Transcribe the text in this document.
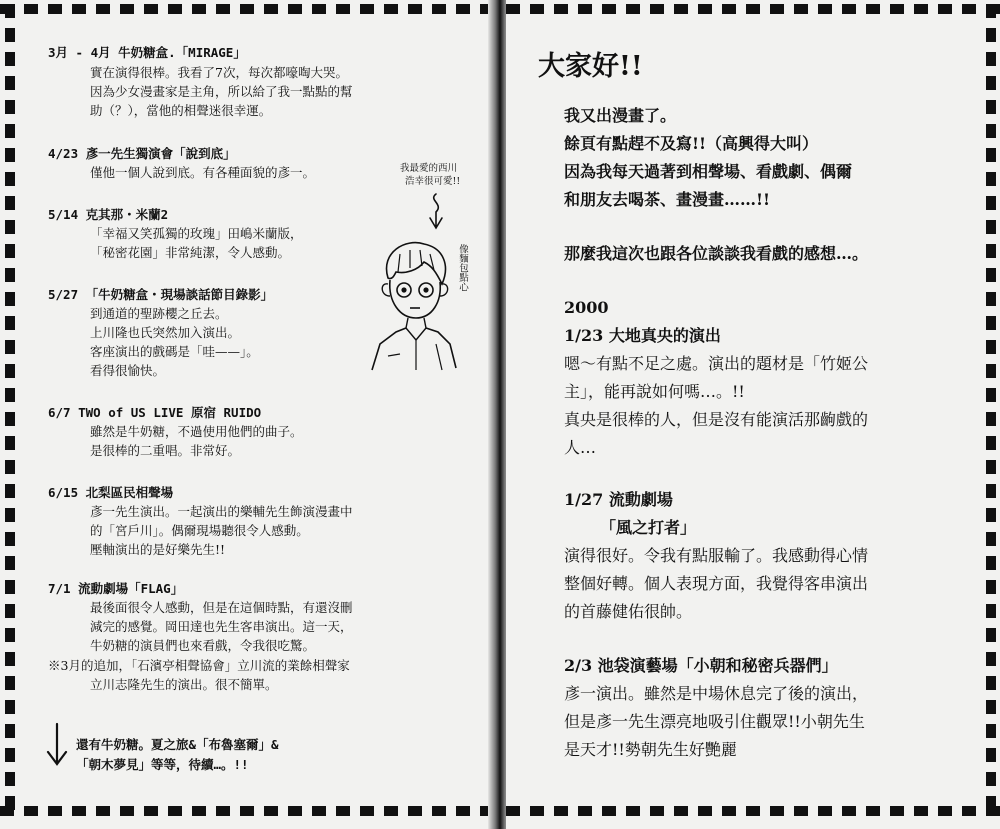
3月 - 4月 牛奶糖盒.「MIRAGE」
實在演得很棒。我看了7次，每次都嚎啕大哭。
因為少女漫畫家是主角，所以給了我一點點的幫
助（？），當他的相聲迷很幸運。
4/23 彥一先生獨演會「說到底」
僅他一個人說到底。有各種面貌的彥一。
5/14 克其那・米蘭2
「幸福又笑孤獨的玫瑰」田嶋米蘭版，
「秘密花園」非常純潔，令人感動。
5/27 「牛奶糖盒・現場談話節目錄影」
到通道的聖跡櫻之丘去。
上川隆也氏突然加入演出。
客座演出的戲碼是「哇——」。
看得很愉快。
6/7 TWO of US LIVE 原宿 RUIDO
雖然是牛奶糖，不過使用他們的曲子。
是很棒的二重唱。非常好。
6/15 北梨區民相聲場
彥一先生演出。一起演出的樂輔先生飾演漫畫中
的「宮戶川」。偶爾現場聽很令人感動。
壓軸演出的是好樂先生!!
7/1 流動劇場「FLAG」
最後面很令人感動，但是在這個時點，有還沒刪
減完的感覺。岡田達也先生客串演出。這一天，
牛奶糖的演員們也來看戲，令我很吃驚。
※3月的追加，「石濱亭相聲協會」立川流的業餘相聲家
立川志隆先生的演出。很不簡單。
還有牛奶糖。夏之旅&「布魯塞爾」&
「朝木夢見」等等，待續…。!!
我最愛的西川
浩幸很可愛!!
像麵包點心
大家好!!
我又出漫畫了。
餘頁有點趕不及寫!!（高興得大叫）
因為我每天過著到相聲場、看戲劇、偶爾
和朋友去喝茶、畫漫畫……!!
那麼我這次也跟各位談談我看戲的感想…。
2000
1/23 大地真央的演出
嗯～有點不足之處。演出的題材是「竹姬公
主」，能再說如何嗎…。!!
真央是很棒的人，但是沒有能演活那齣戲的
人…
1/27 流動劇場
「風之打者」
演得很好。令我有點服輸了。我感動得心情
整個好轉。個人表現方面，我覺得客串演出
的首藤健佑很帥。
2/3 池袋演藝場「小朝和秘密兵器們」
彥一演出。雖然是中場休息完了後的演出，
但是彥一先生漂亮地吸引住觀眾!!小朝先生
是天才!!勢朝先生好艷麗
